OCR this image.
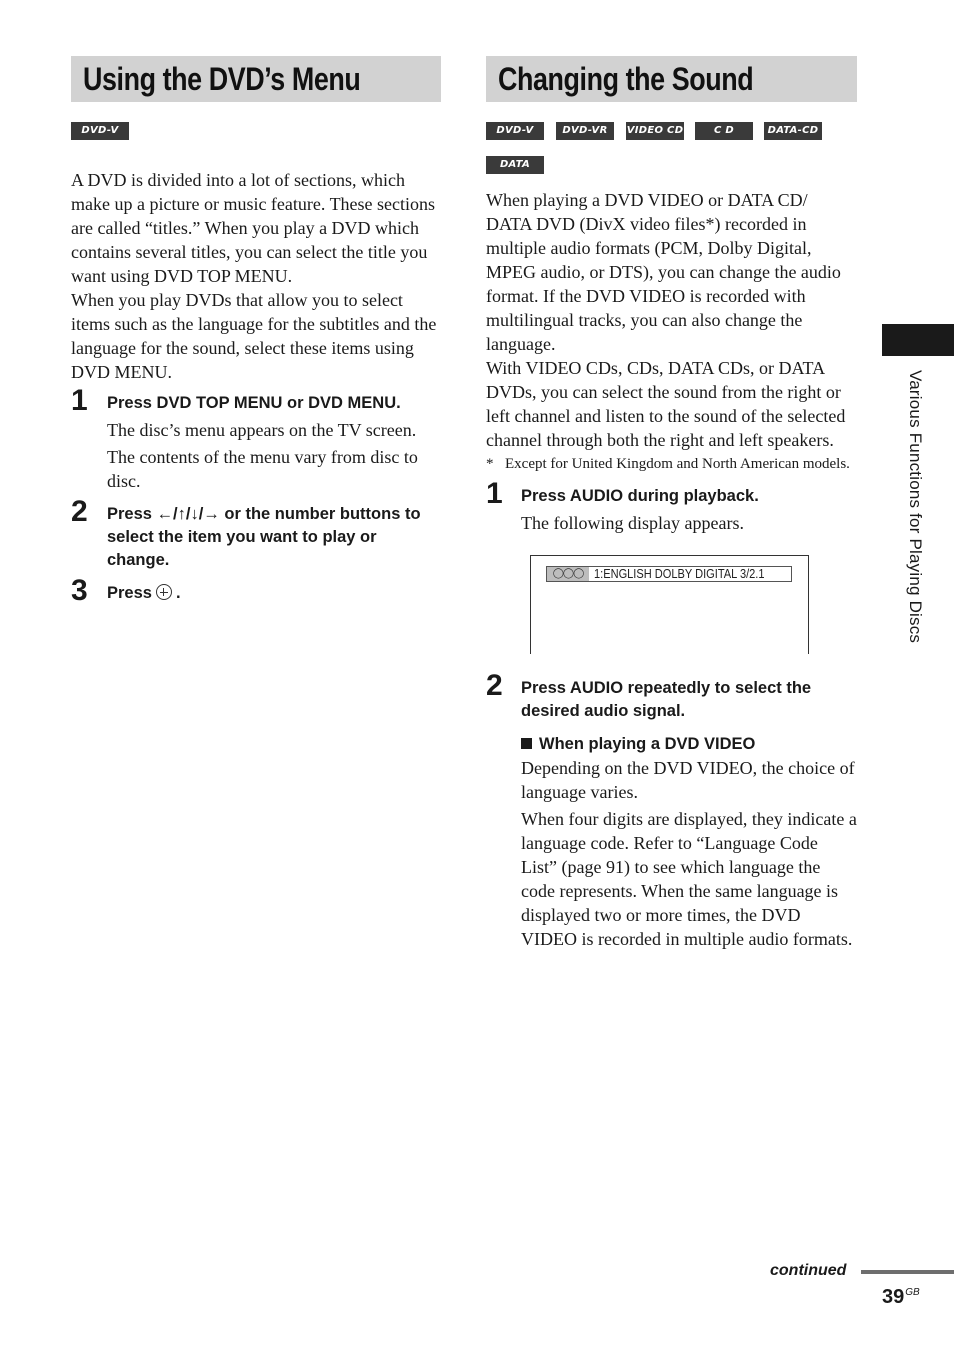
Using the DVD’s Menu
DVD-V

A DVD is divided into a lot of sections, which make up a picture or music feature. These sections are called “titles.” When you play a DVD which contains several titles, you can select the title you want using DVD TOP MENU.

When you play DVDs that allow you to select items such as the language for the subtitles and the language for the sound, select these items using DVD MENU.

1 Press DVD TOP MENU or DVD MENU.

The disc’s menu appears on the TV screen.

The contents of the menu vary from disc to disc.

2 Press ←/↑/↓/→ or the number buttons to select the item you want to play or change.

3 Press .

Changing the Sound
DVD-V	DVD-VR	VIDEO CD	C D	DATA-CD
DATA DVD

When playing a DVD VIDEO or DATA CD/ DATA DVD (DivX video files*) recorded in multiple audio formats (PCM, Dolby Digital, MPEG audio, or DTS), you can change the audio format. If the DVD VIDEO is recorded with multilingual tracks, you can also change the language.

With VIDEO CDs, CDs, DATA CDs, or DATA DVDs, you can select the sound from the right or left channel and listen to the sound of the selected channel through both the right and left speakers.

* Except for United Kingdom and North American models.
1 Press AUDIO during playback.

The following display appears.

◯◯◯ 1:ENGLISH DOLBY DIGITAL 3/2.1
2 Press AUDIO repeatedly to select the desired audio signal.

When playing a DVD VIDEO

Depending on the DVD VIDEO, the choice of language varies.

When four digits are displayed, they indicate a language code. Refer to “Language Code List” (page 91) to see which language the code represents. When the same language is displayed two or more times, the DVD VIDEO is recorded in multiple audio formats.

Various Functions for Playing Discs
continued
$39^{GB}$
